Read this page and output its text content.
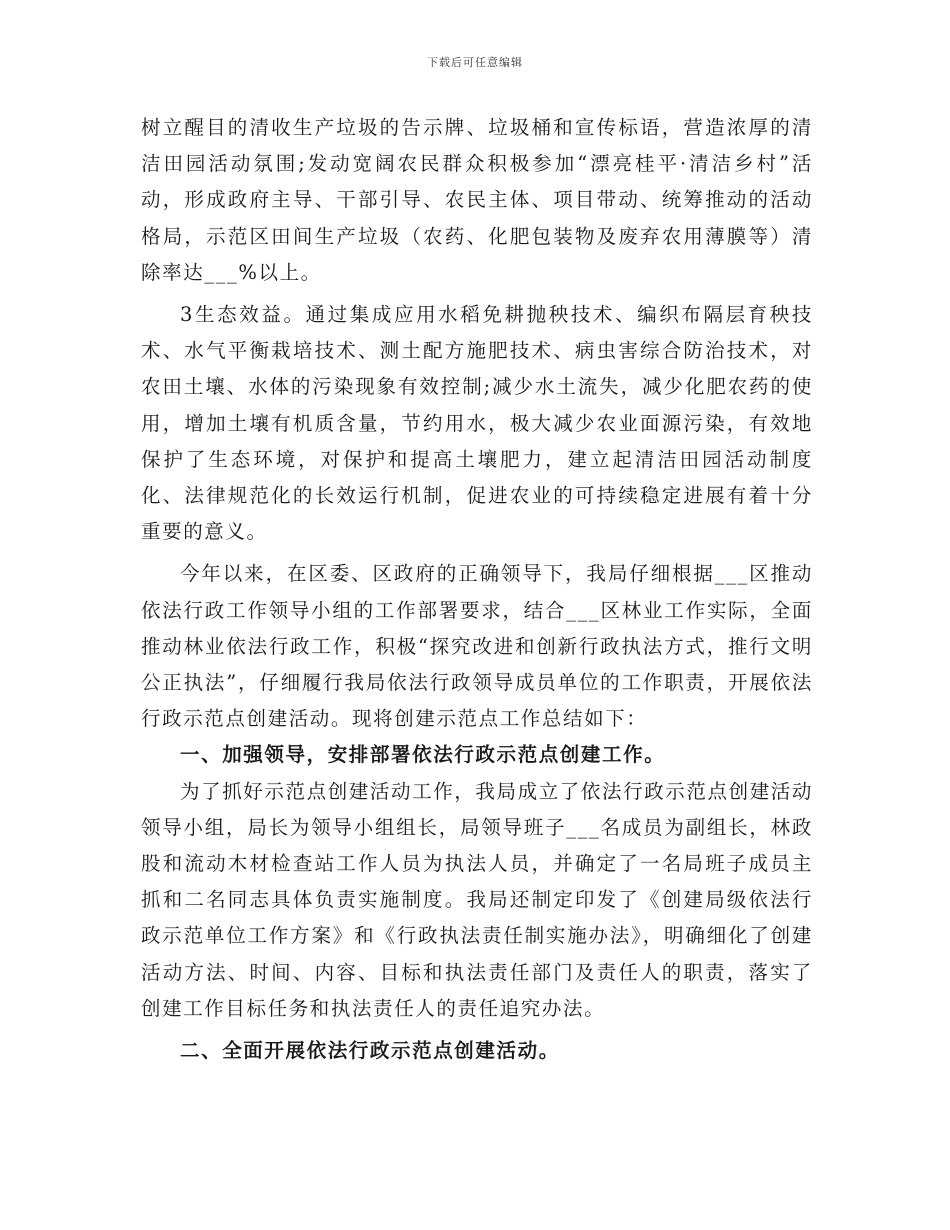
下载后可任意编辑

树立醒目的清收生产垃圾的告示牌、垃圾桶和宣传标语，营造浓厚的清洁田园活动氛围;发动宽阔农民群众积极参加“漂亮桂平·清洁乡村”活动，形成政府主导、干部引导、农民主体、项目带动、统筹推动的活动格局，示范区田间生产垃圾（农药、化肥包装物及废弃农用薄膜等）清除率达___%以上。

3生态效益。通过集成应用水稻免耕抛秧技术、编织布隔层育秧技术、水气平衡栽培技术、测土配方施肥技术、病虫害综合防治技术，对农田土壤、水体的污染现象有效控制;减少水土流失，减少化肥农药的使用，增加土壤有机质含量，节约用水，极大减少农业面源污染，有效地保护了生态环境，对保护和提高土壤肥力，建立起清洁田园活动制度化、法律规范化的长效运行机制，促进农业的可持续稳定进展有着十分重要的意义。

今年以来，在区委、区政府的正确领导下，我局仔细根据___区推动依法行政工作领导小组的工作部署要求，结合___区林业工作实际，全面推动林业依法行政工作，积极“探究改进和创新行政执法方式，推行文明公正执法”，仔细履行我局依法行政领导成员单位的工作职责，开展依法行政示范点创建活动。现将创建示范点工作总结如下：

一、加强领导，安排部署依法行政示范点创建工作。

为了抓好示范点创建活动工作，我局成立了依法行政示范点创建活动领导小组，局长为领导小组组长，局领导班子___名成员为副组长，林政股和流动木材检查站工作人员为执法人员，并确定了一名局班子成员主抓和二名同志具体负责实施制度。我局还制定印发了《创建局级依法行政示范单位工作方案》和《行政执法责任制实施办法》，明确细化了创建活动方法、时间、内容、目标和执法责任部门及责任人的职责，落实了创建工作目标任务和执法责任人的责任追究办法。

二、全面开展依法行政示范点创建活动。
